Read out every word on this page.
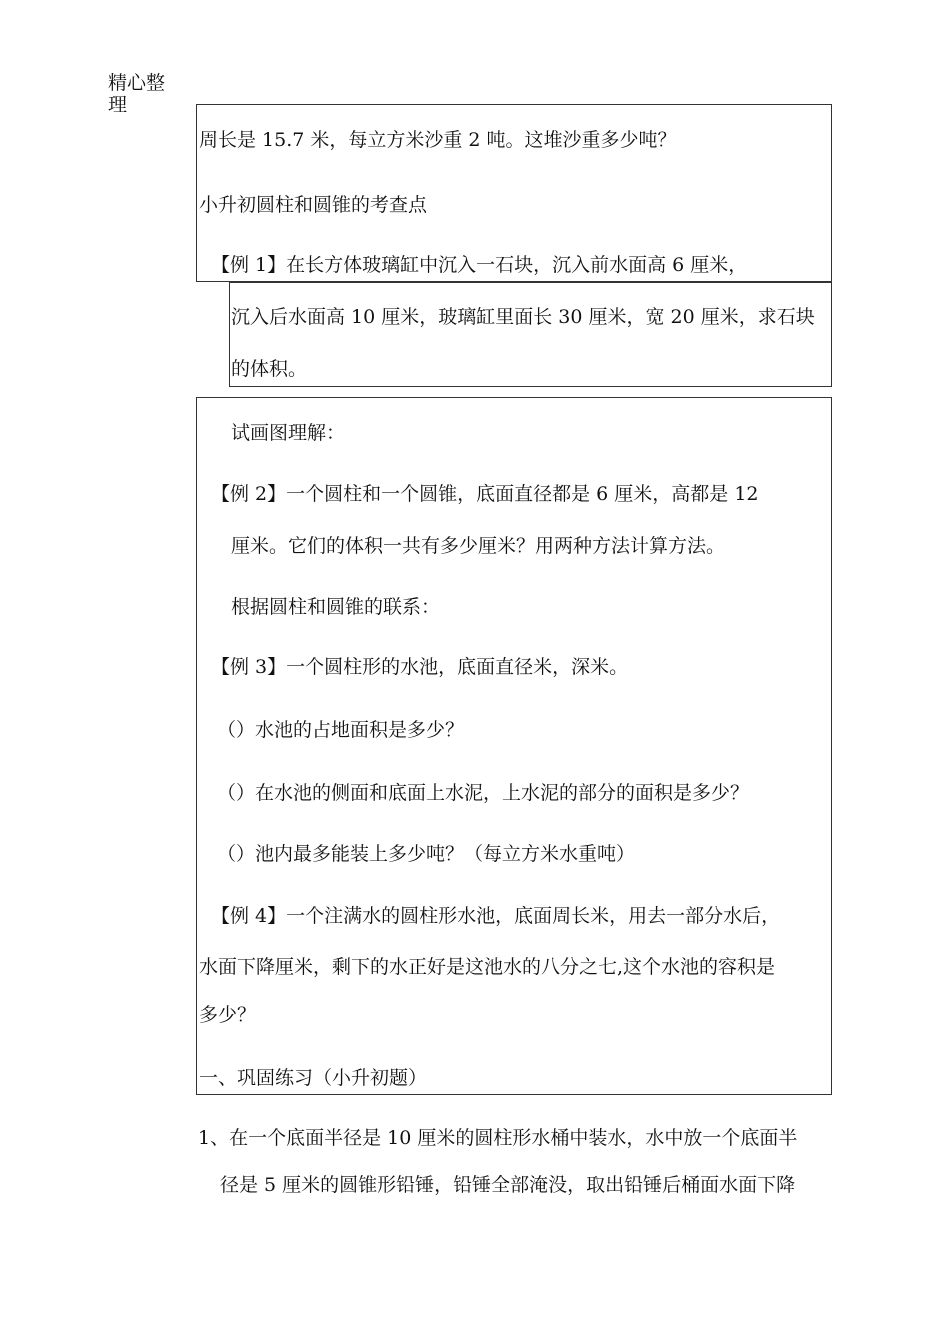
精心整理
周长是 15.7 米，每立方米沙重 2 吨。这堆沙重多少吨？
小升初圆柱和圆锥的考查点
【例 1】在长方体玻璃缸中沉入一石块，沉入前水面高 6 厘米，
沉入后水面高 10 厘米，玻璃缸里面长 30 厘米，宽 20 厘米，求石块
的体积。
试画图理解：
【例 2】一个圆柱和一个圆锥，底面直径都是 6 厘米，高都是 12
厘米。它们的体积一共有多少厘米？用两种方法计算方法。
根据圆柱和圆锥的联系：
【例 3】一个圆柱形的水池，底面直径米，深米。
（）水池的占地面积是多少？
（）在水池的侧面和底面上水泥，上水泥的部分的面积是多少？
（）池内最多能装上多少吨？（每立方米水重吨）
【例 4】一个注满水的圆柱形水池，底面周长米，用去一部分水后，
水面下降厘米，剩下的水正好是这池水的八分之七,这个水池的容积是
多少？
一、巩固练习（小升初题）
1、在一个底面半径是 10 厘米的圆柱形水桶中装水，水中放一个底面半
径是 5 厘米的圆锥形铅锤，铅锤全部淹没，取出铅锤后桶面水面下降
